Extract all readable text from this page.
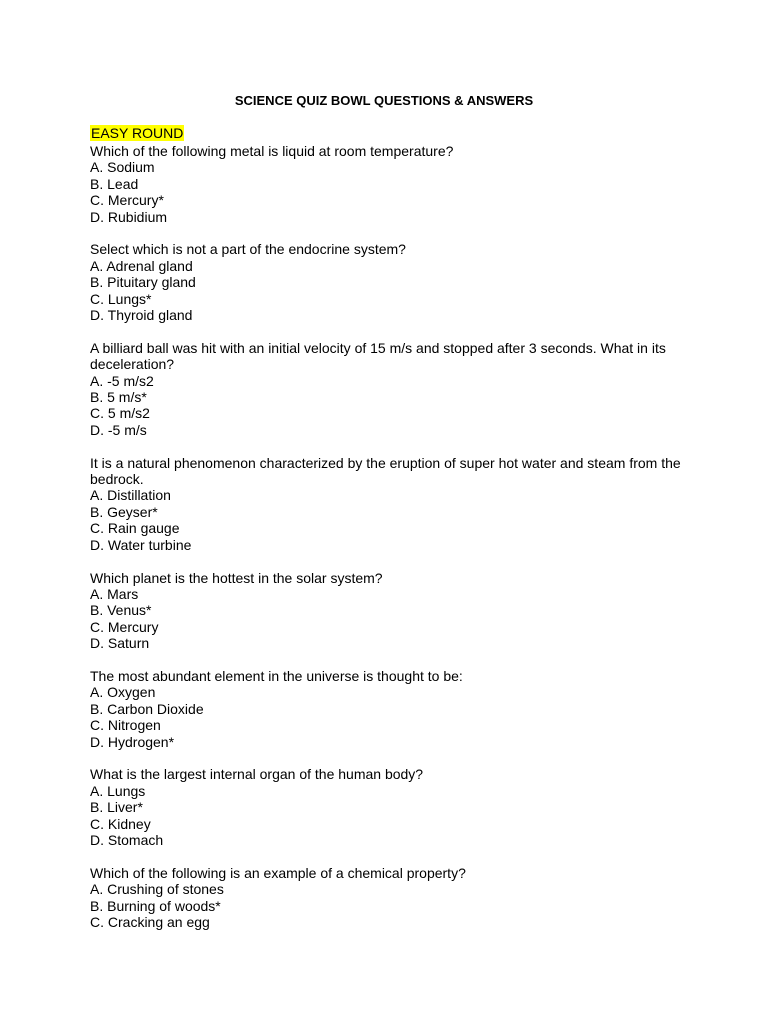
SCIENCE QUIZ BOWL QUESTIONS & ANSWERS
EASY ROUND

Which of the following metal is liquid at room temperature?

A. Sodium

B. Lead

C. Mercury*

D. Rubidium

Select which is not a part of the endocrine system?

A. Adrenal gland

B. Pituitary gland

C. Lungs*

D. Thyroid gland

A billiard ball was hit with an initial velocity of 15 m/s and stopped after 3 seconds. What in its deceleration?

A. -5 m/s2

B. 5 m/s*

C. 5 m/s2

D. -5 m/s

It is a natural phenomenon characterized by the eruption of super hot water and steam from the bedrock.

A. Distillation

B. Geyser*

C. Rain gauge

D. Water turbine

Which planet is the hottest in the solar system?

A. Mars

B. Venus*

C. Mercury

D. Saturn

The most abundant element in the universe is thought to be:

A. Oxygen

B. Carbon Dioxide

C. Nitrogen

D. Hydrogen*

What is the largest internal organ of the human body?

A. Lungs

B. Liver*

C. Kidney

D. Stomach

Which of the following is an example of a chemical property?

A. Crushing of stones

B. Burning of woods*

C. Cracking an egg
